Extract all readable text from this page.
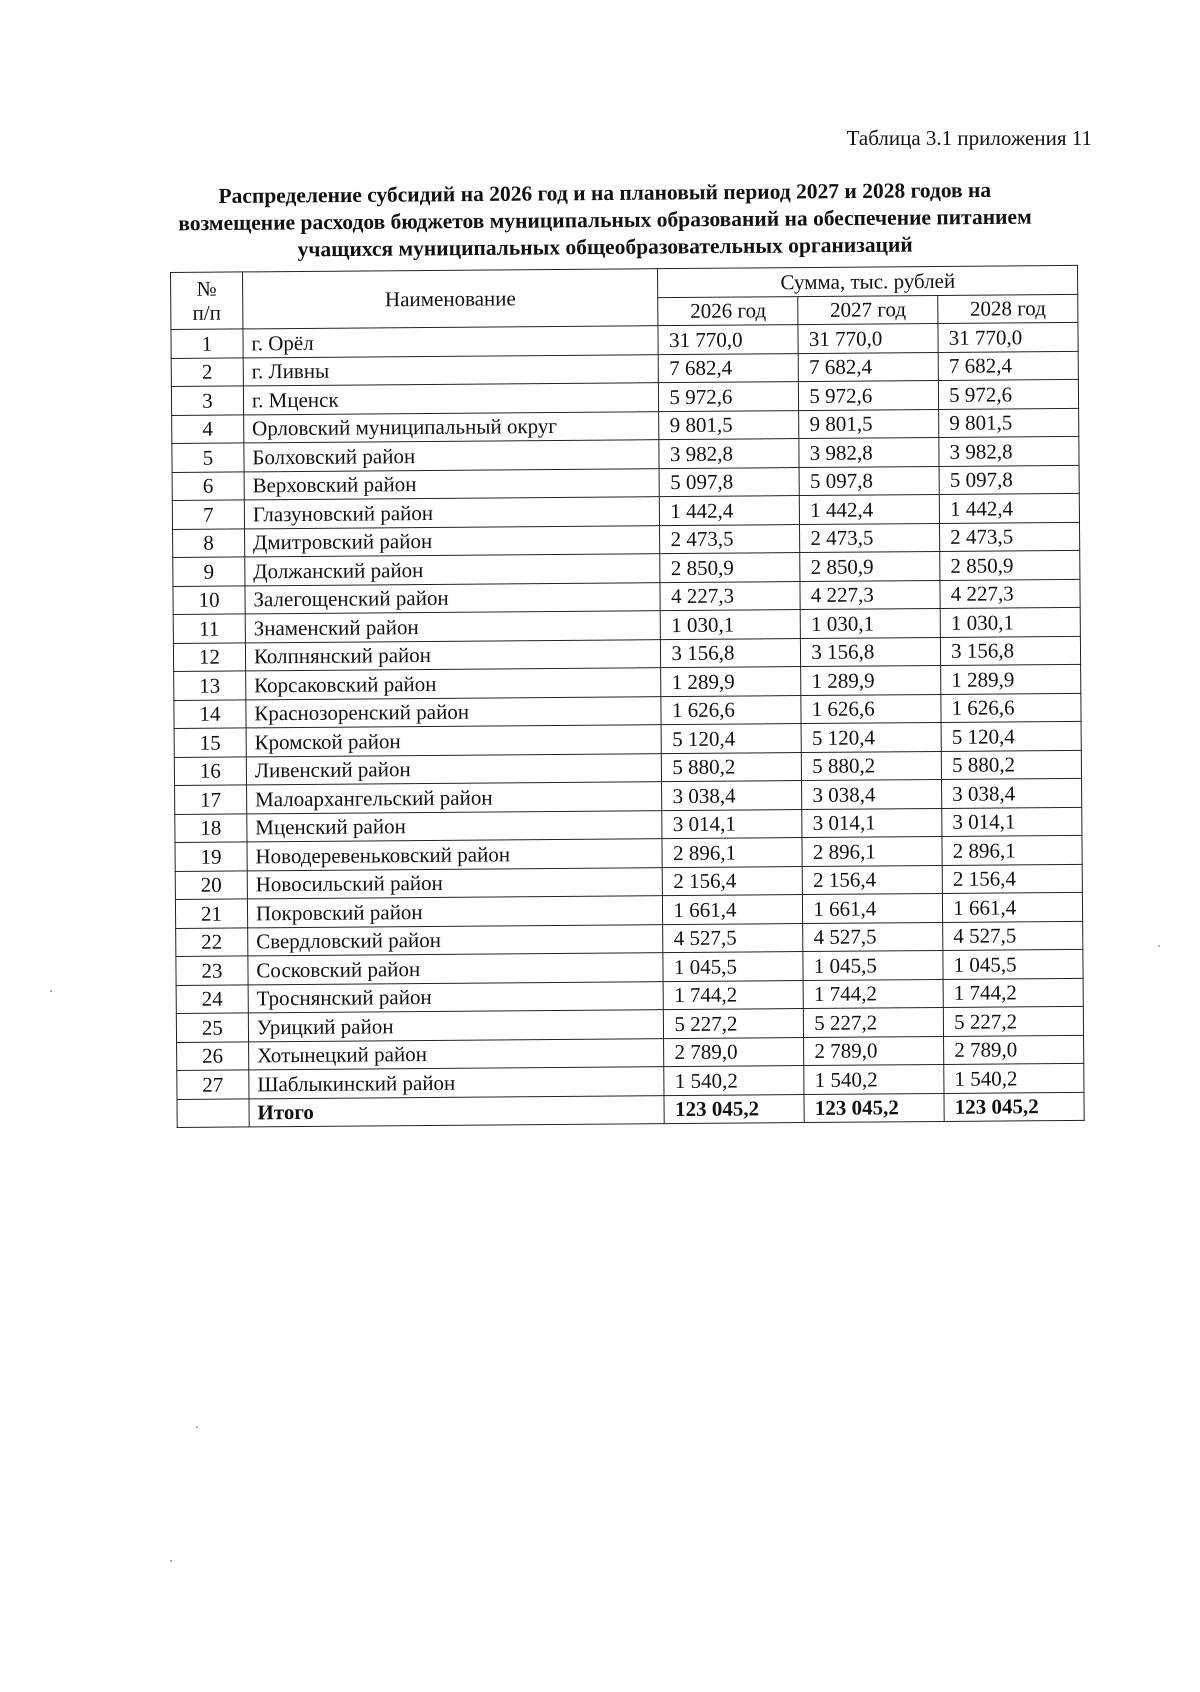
Таблица 3.1 приложения 11
Распределение субсидий на 2026 год и на плановый период 2027 и 2028 годов на
возмещение расходов бюджетов муниципальных образований на обеспечение питанием
учащихся муниципальных общеобразовательных организаций
№
п/п	Наименование	Сумма, тыс. рублей		
		2026 год	2027 год	2028 год
1	г. Орёл	31 770,0	31 770,0	31 770,0
2	г. Ливны	7 682,4	7 682,4	7 682,4
3	г. Мценск	5 972,6	5 972,6	5 972,6
4	Орловский муниципальный округ	9 801,5	9 801,5	9 801,5
5	Болховский район	3 982,8	3 982,8	3 982,8
6	Верховский район	5 097,8	5 097,8	5 097,8
7	Глазуновский район	1 442,4	1 442,4	1 442,4
8	Дмитровский район	2 473,5	2 473,5	2 473,5
9	Должанский район	2 850,9	2 850,9	2 850,9
10	Залегощенский район	4 227,3	4 227,3	4 227,3
11	Знаменский район	1 030,1	1 030,1	1 030,1
12	Колпнянский район	3 156,8	3 156,8	3 156,8
13	Корсаковский район	1 289,9	1 289,9	1 289,9
14	Краснозоренский район	1 626,6	1 626,6	1 626,6
15	Кромской район	5 120,4	5 120,4	5 120,4
16	Ливенский район	5 880,2	5 880,2	5 880,2
17	Малоархангельский район	3 038,4	3 038,4	3 038,4
18	Мценский район	3 014,1	3 014,1	3 014,1
19	Новодеревеньковский район	2 896,1	2 896,1	2 896,1
20	Новосильский район	2 156,4	2 156,4	2 156,4
21	Покровский район	1 661,4	1 661,4	1 661,4
22	Свердловский район	4 527,5	4 527,5	4 527,5
23	Сосковский район	1 045,5	1 045,5	1 045,5
24	Троснянский район	1 744,2	1 744,2	1 744,2
25	Урицкий район	5 227,2	5 227,2	5 227,2
26	Хотынецкий район	2 789,0	2 789,0	2 789,0
27	Шаблыкинский район	1 540,2	1 540,2	1 540,2
	Итого	123 045,2	123 045,2	123 045,2
